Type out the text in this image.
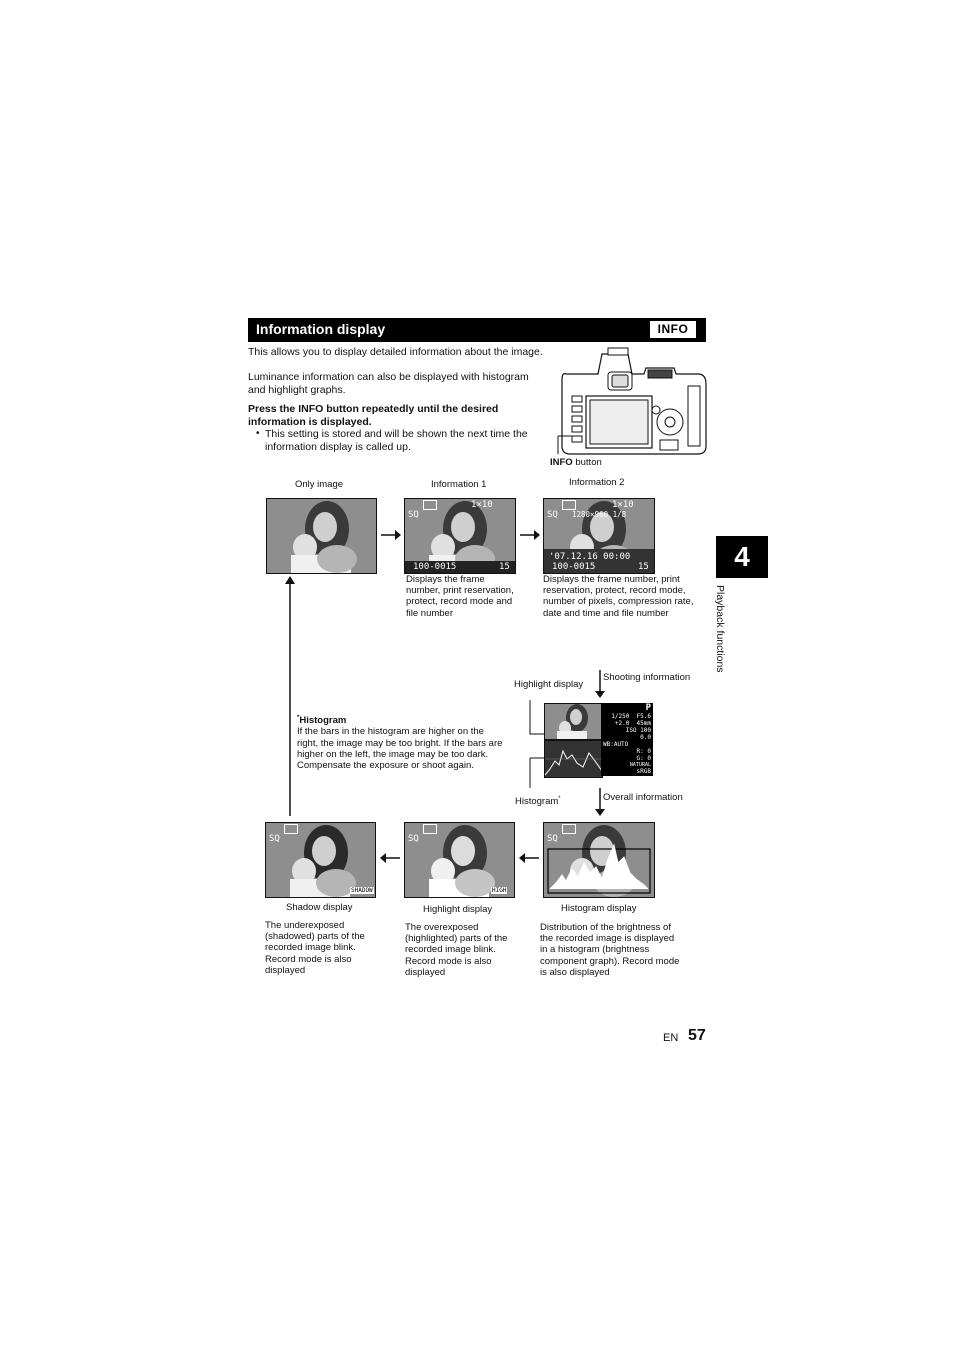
Information display	INFO
This allows you to display detailed information about the image.
Luminance information can also be displayed with histogram and highlight graphs.
Press the INFO button repeatedly until the desired information is displayed.
• This setting is stored and will be shown the next time the information display is called up.
INFO button
Only image	Information 1	Information 2
1×10
SQ
100-0015	15
Displays the frame number, print reservation, protect, record mode and file number
1×10
SQ 1280×960 1/8
'07.12.16 00:00
100-0015	15
Displays the frame number, print reservation, protect, record mode, number of pixels, compression rate, date and time and file number
4
Playback functions
Shooting information
Highlight display
P
1/250  F5.6
+2.0  45mm
ISO 100
0.0
WB:AUTO
R: 0
G: 0
NATURAL
sRGB
Histogram*	Overall information
*Histogram
If the bars in the histogram are higher on the right, the image may be too bright. If the bars are higher on the left, the image may be too dark. Compensate the exposure or shoot again.
SQ
SHADOW
SQ
HIGH
SQ
Shadow display	Highlight display	Histogram display
The underexposed (shadowed) parts of the recorded image blink. Record mode is also displayed
The overexposed (highlighted) parts of the recorded image blink. Record mode is also displayed
Distribution of the brightness of the recorded image is displayed in a histogram (brightness component graph). Record mode is also displayed
EN 57
